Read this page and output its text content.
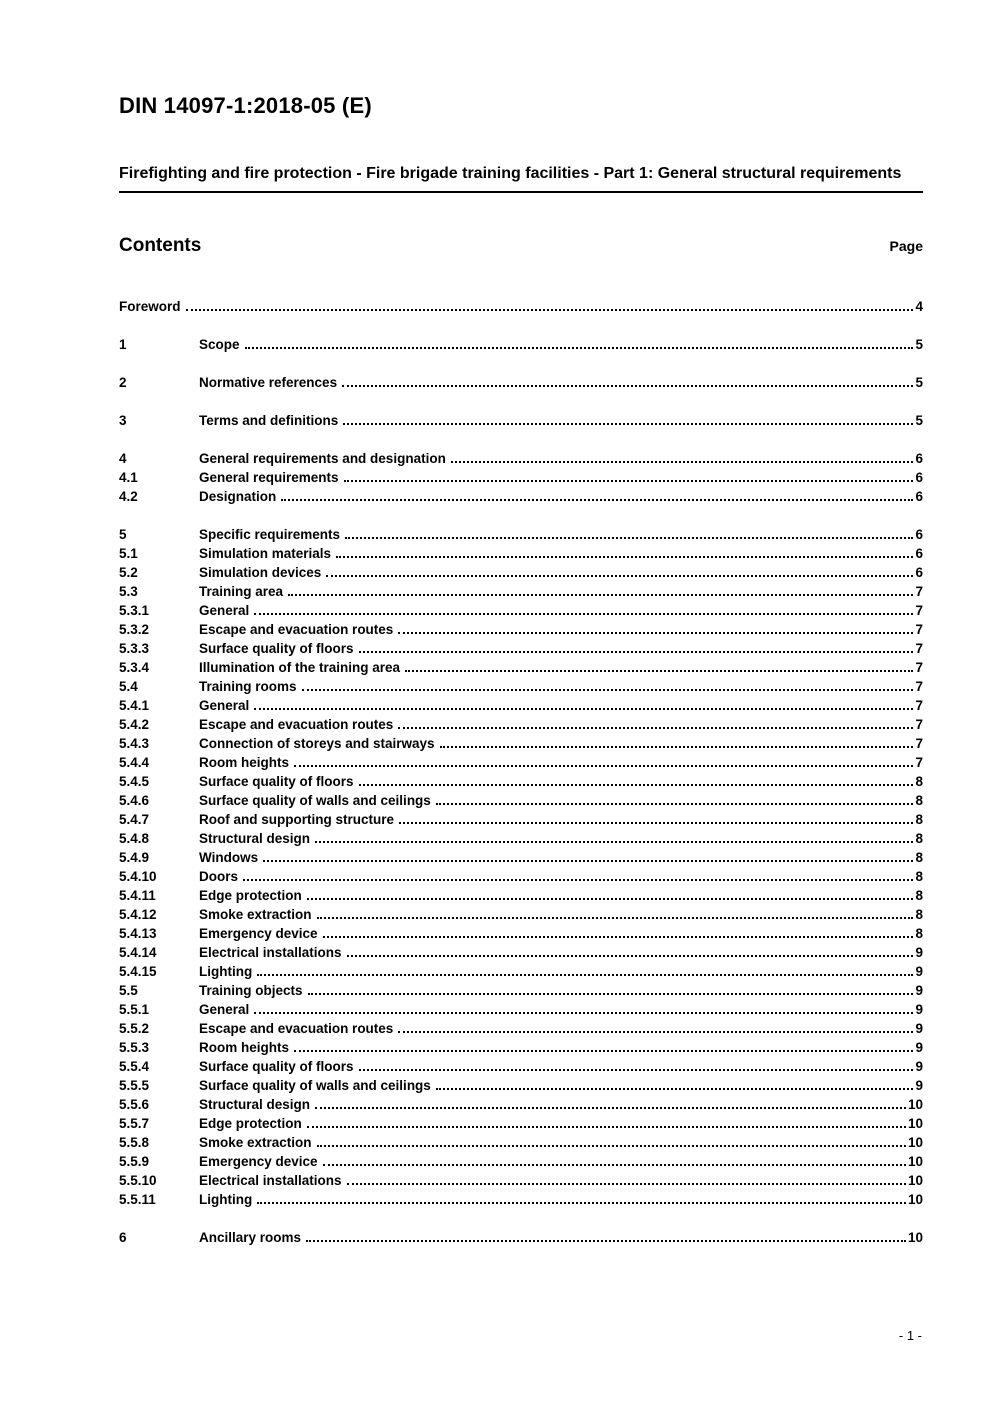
DIN 14097-1:2018-05 (E)
Firefighting and fire protection - Fire brigade training facilities - Part 1: General structural requirements
Contents	Page
Foreword	4
1	Scope	5
2	Normative references	5
3	Terms and definitions	5
4	General requirements and designation	6
4.1	General requirements	6
4.2	Designation	6
5	Specific requirements	6
5.1	Simulation materials	6
5.2	Simulation devices	6
5.3	Training area	7
5.3.1	General	7
5.3.2	Escape and evacuation routes	7
5.3.3	Surface quality of floors	7
5.3.4	Illumination of the training area	7
5.4	Training rooms	7
5.4.1	General	7
5.4.2	Escape and evacuation routes	7
5.4.3	Connection of storeys and stairways	7
5.4.4	Room heights	7
5.4.5	Surface quality of floors	8
5.4.6	Surface quality of walls and ceilings	8
5.4.7	Roof and supporting structure	8
5.4.8	Structural design	8
5.4.9	Windows	8
5.4.10	Doors	8
5.4.11	Edge protection	8
5.4.12	Smoke extraction	8
5.4.13	Emergency device	8
5.4.14	Electrical installations	9
5.4.15	Lighting	9
5.5	Training objects	9
5.5.1	General	9
5.5.2	Escape and evacuation routes	9
5.5.3	Room heights	9
5.5.4	Surface quality of floors	9
5.5.5	Surface quality of walls and ceilings	9
5.5.6	Structural design	10
5.5.7	Edge protection	10
5.5.8	Smoke extraction	10
5.5.9	Emergency device	10
5.5.10	Electrical installations	10
5.5.11	Lighting	10
6	Ancillary rooms	10
- 1 -
